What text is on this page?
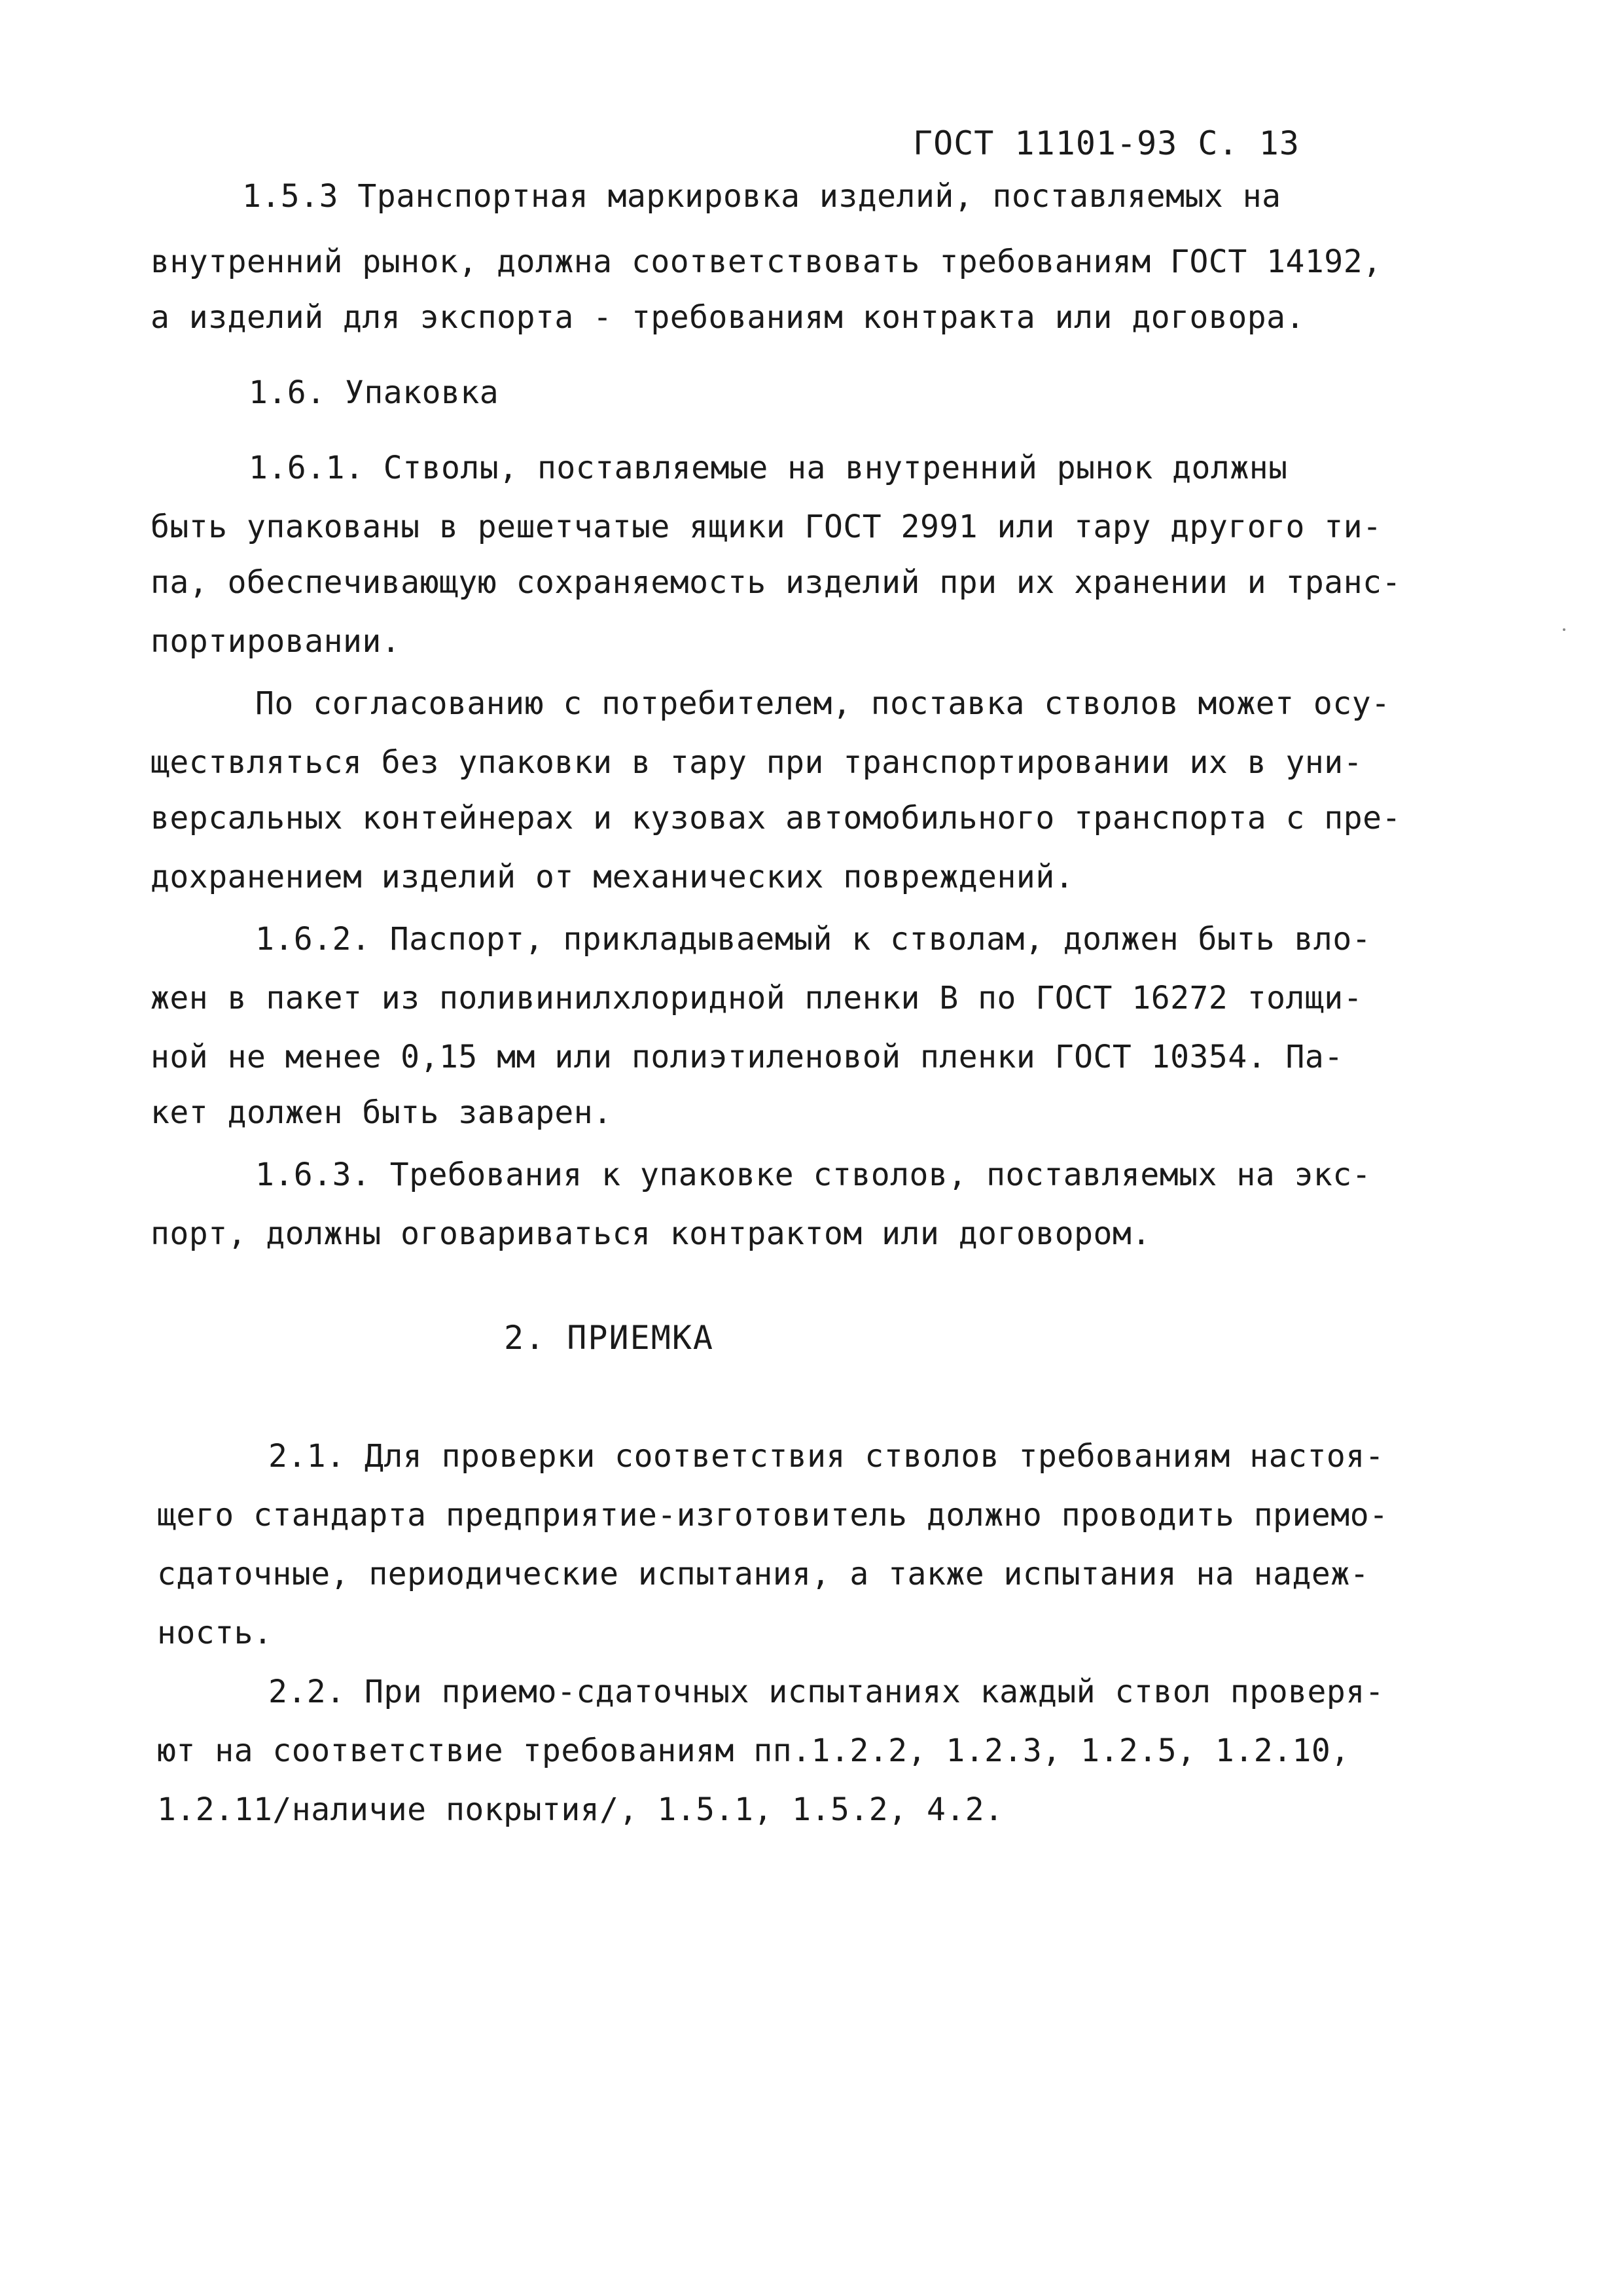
ГОСТ 11101-93 С. 13
1.5.3 Транспортная маркировка изделий, поставляемых на
внутренний рынок, должна соответствовать требованиям ГОСТ 14192,
а изделий для экспорта - требованиям контракта или договора.
1.6. Упаковка
1.6.1. Стволы, поставляемые на внутренний рынок должны
быть упакованы в решетчатые ящики ГОСТ 2991 или тару другого ти-
па, обеспечивающую сохраняемость изделий при их хранении и транс-
портировании.
По согласованию с потребителем, поставка стволов может осу-
ществляться без упаковки в тару при транспортировании их в уни-
версальных контейнерах и кузовах автомобильного транспорта с пре-
дохранением изделий от механических повреждений.
1.6.2. Паспорт, прикладываемый к стволам, должен быть вло-
жен в пакет из поливинилхлоридной пленки В по ГОСТ 16272 толщи-
ной не менее 0,15 мм или полиэтиленовой пленки ГОСТ 10354. Па-
кет должен быть заварен.
1.6.3. Требования к упаковке стволов, поставляемых на экс-
порт, должны оговариваться контрактом или договором.
2. ПРИЕМКА
2.1. Для проверки соответствия стволов требованиям настоя-
щего стандарта предприятие-изготовитель должно проводить приемо-
сдаточные, периодические испытания, а также испытания на надеж-
ность.
2.2. При приемо-сдаточных испытаниях каждый ствол проверя-
ют на соответствие требованиям пп.1.2.2, 1.2.3, 1.2.5, 1.2.10,
1.2.11/наличие покрытия/, 1.5.1, 1.5.2, 4.2.
